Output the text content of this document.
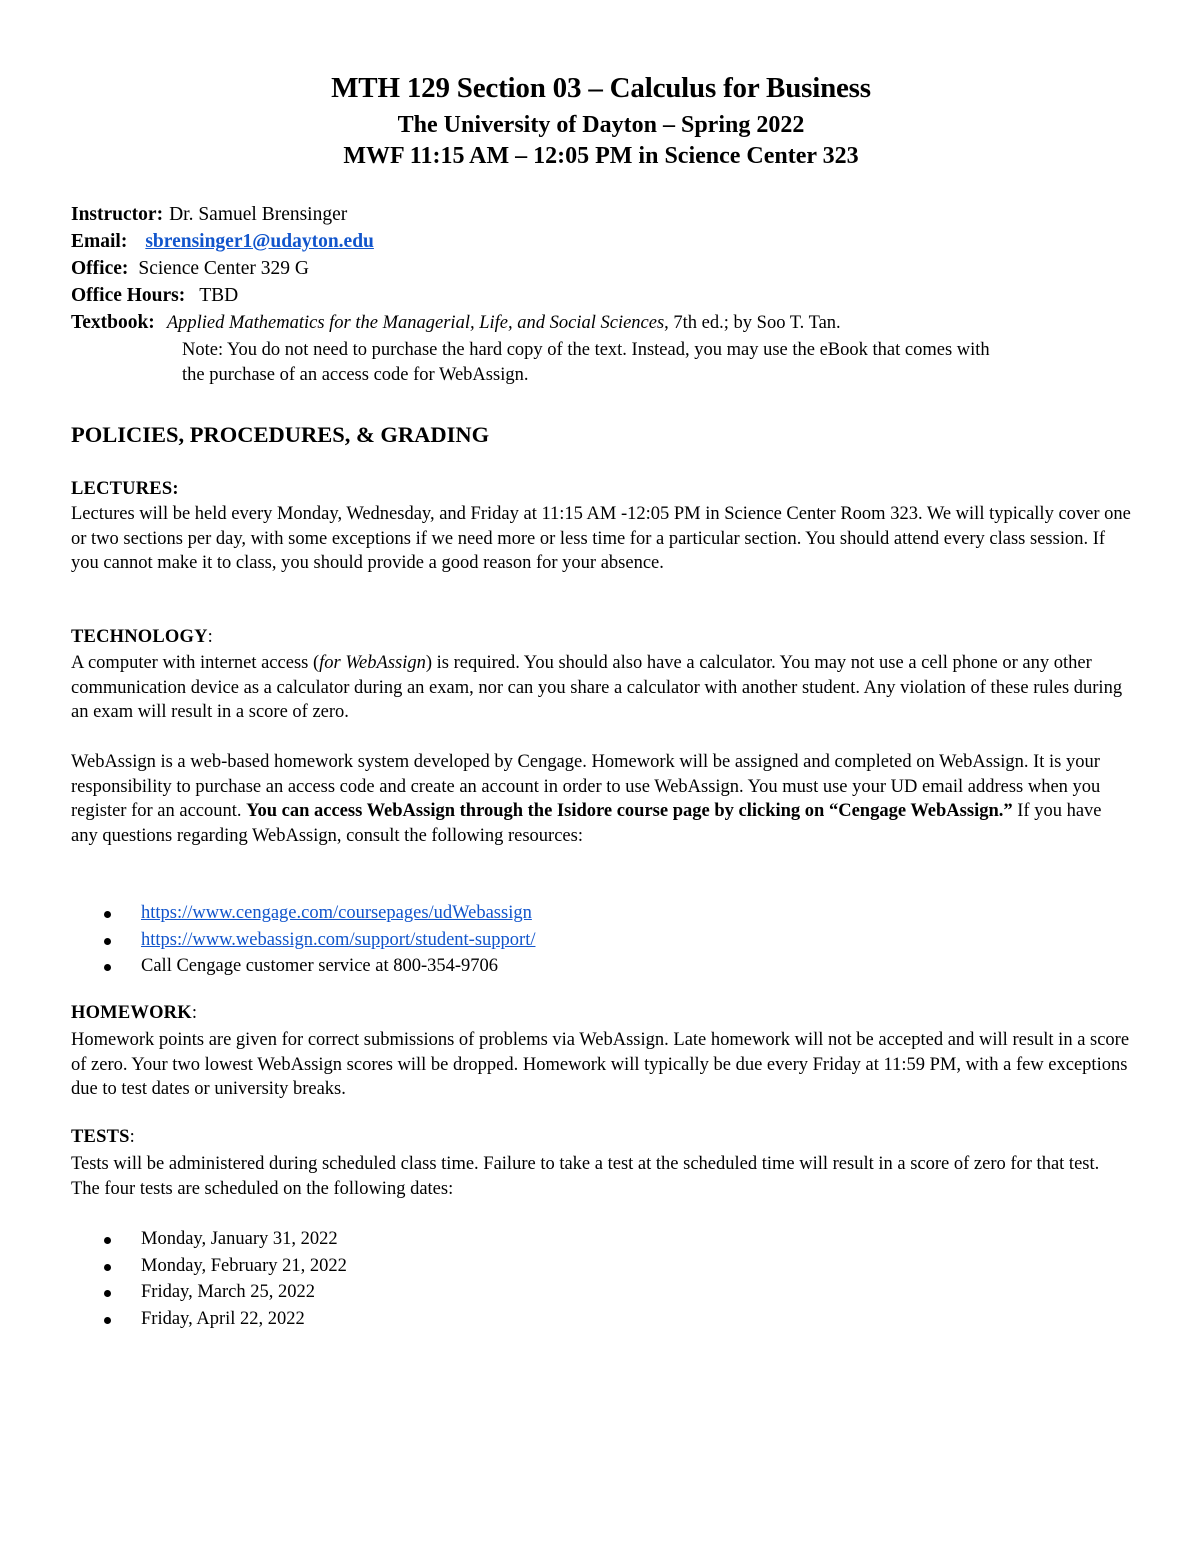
MTH 129 Section 03 – Calculus for Business
The University of Dayton – Spring 2022
MWF 11:15 AM – 12:05 PM in Science Center 323
Instructor: Dr. Samuel Brensinger
Email: sbrensinger1@udayton.edu
Office: Science Center 329 G
Office Hours: TBD
Textbook: Applied Mathematics for the Managerial, Life, and Social Sciences, 7th ed.; by Soo T. Tan.
Note: You do not need to purchase the hard copy of the text. Instead, you may use the eBook that comes with
the purchase of an access code for WebAssign.
POLICIES, PROCEDURES, & GRADING
LECTURES:
Lectures will be held every Monday, Wednesday, and Friday at 11:15 AM -12:05 PM in Science Center Room 323. We will typically cover one or two sections per day, with some exceptions if we need more or less time for a particular section. You should attend every class session. If you cannot make it to class, you should provide a good reason for your absence.
TECHNOLOGY:
A computer with internet access (for WebAssign) is required. You should also have a calculator. You may not use a cell phone or any other communication device as a calculator during an exam, nor can you share a calculator with another student. Any violation of these rules during an exam will result in a score of zero.
WebAssign is a web-based homework system developed by Cengage. Homework will be assigned and completed on WebAssign. It is your responsibility to purchase an access code and create an account in order to use WebAssign. You must use your UD email address when you register for an account. You can access WebAssign through the Isidore course page by clicking on “Cengage WebAssign.” If you have any questions regarding WebAssign, consult the following resources:
https://www.cengage.com/coursepages/udWebassign
https://www.webassign.com/support/student-support/
Call Cengage customer service at 800-354-9706
HOMEWORK:
Homework points are given for correct submissions of problems via WebAssign. Late homework will not be accepted and will result in a score of zero. Your two lowest WebAssign scores will be dropped. Homework will typically be due every Friday at 11:59 PM, with a few exceptions due to test dates or university breaks.
TESTS:
Tests will be administered during scheduled class time. Failure to take a test at the scheduled time will result in a score of zero for that test. The four tests are scheduled on the following dates:
Monday, January 31, 2022
Monday, February 21, 2022
Friday, March 25, 2022
Friday, April 22, 2022
